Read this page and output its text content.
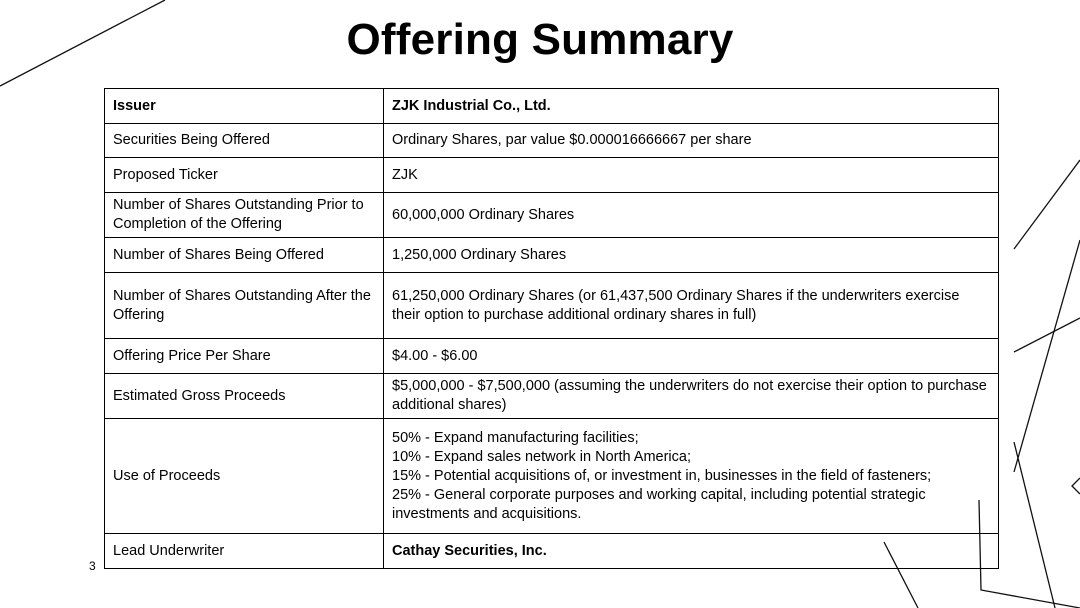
Offering Summary
Issuer	ZJK Industrial Co., Ltd.
Securities Being Offered	Ordinary Shares, par value $0.000016666667 per share
Proposed Ticker	ZJK
Number of Shares Outstanding Prior to Completion of the Offering	60,000,000 Ordinary Shares
Number of Shares Being Offered	1,250,000 Ordinary Shares
Number of Shares Outstanding After the Offering	61,250,000 Ordinary Shares (or 61,437,500 Ordinary Shares if the underwriters exercise their option to purchase additional ordinary shares in full)
Offering Price Per Share	$4.00 - $6.00
Estimated Gross Proceeds	$5,000,000 - $7,500,000 (assuming the underwriters do not exercise their option to purchase additional shares)
Use of Proceeds	50% - Expand manufacturing facilities;
10% - Expand sales network in North America;
15% - Potential acquisitions of, or investment in, businesses in the field of fasteners;
25% - General corporate purposes and working capital, including potential strategic investments and acquisitions.

Lead Underwriter	Cathay Securities, Inc.
3
